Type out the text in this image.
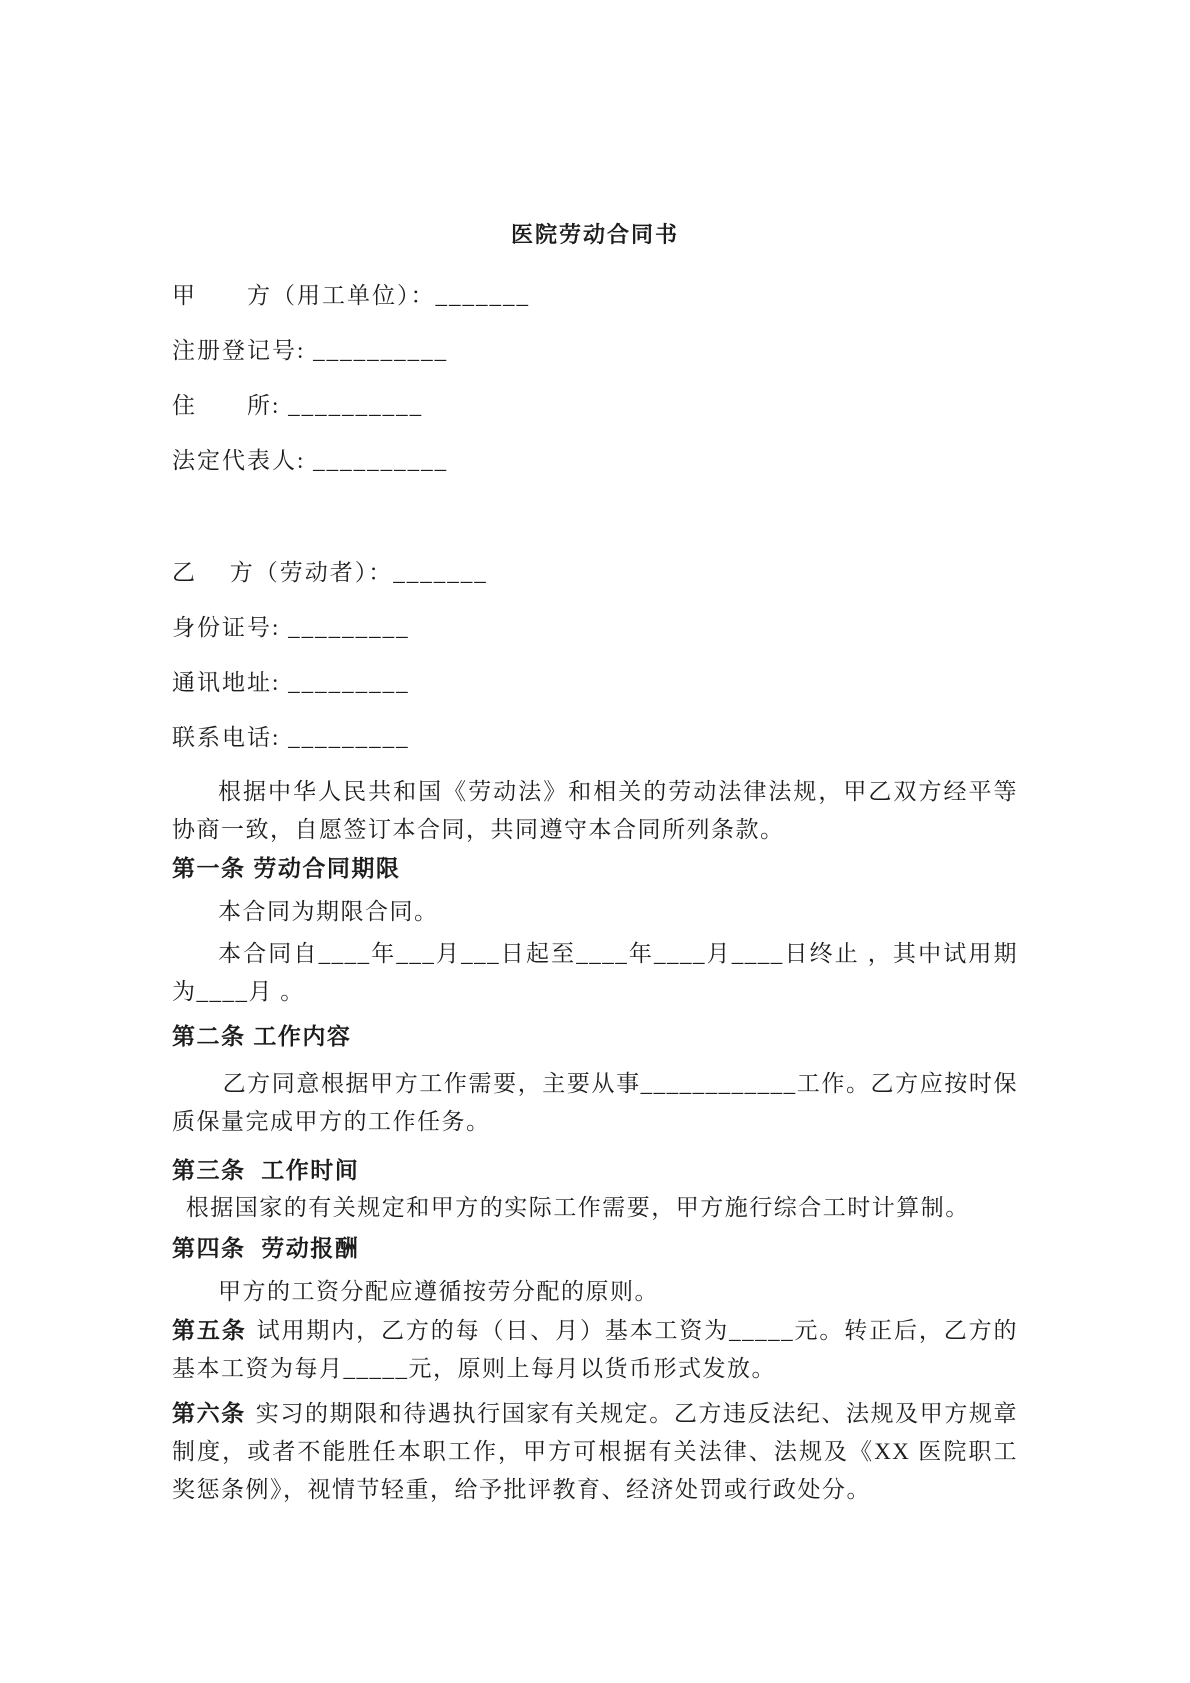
医院劳动合同书

甲　　方（用工单位）：_______

注册登记号: __________

住　　所: __________

法定代表人: __________

乙　 方（劳动者）：_______

身份证号: _________

通讯地址: _________

联系电话: _________

根据中华人民共和国《劳动法》和相关的劳动法律法规，甲乙双方经平等协商一致，自愿签订本合同，共同遵守本合同所列条款。

第一条 劳动合同期限

本合同为期限合同。

本合同自____年___月___日起至____年____月____日终止 ，其中试用期为____月 。

第二条 工作内容

乙方同意根据甲方工作需要，主要从事____________工作。乙方应按时保质保量完成甲方的工作任务。

第三条  工作时间

根据国家的有关规定和甲方的实际工作需要，甲方施行综合工时计算制。

第四条  劳动报酬

甲方的工资分配应遵循按劳分配的原则。

第五条 试用期内，乙方的每（日、月）基本工资为_____元。转正后，乙方的基本工资为每月_____元，原则上每月以货币形式发放。

第六条 实习的期限和待遇执行国家有关规定。乙方违反法纪、法规及甲方规章制度，或者不能胜任本职工作，甲方可根据有关法律、法规及《XX 医院职工奖惩条例》，视情节轻重，给予批评教育、经济处罚或行政处分。
